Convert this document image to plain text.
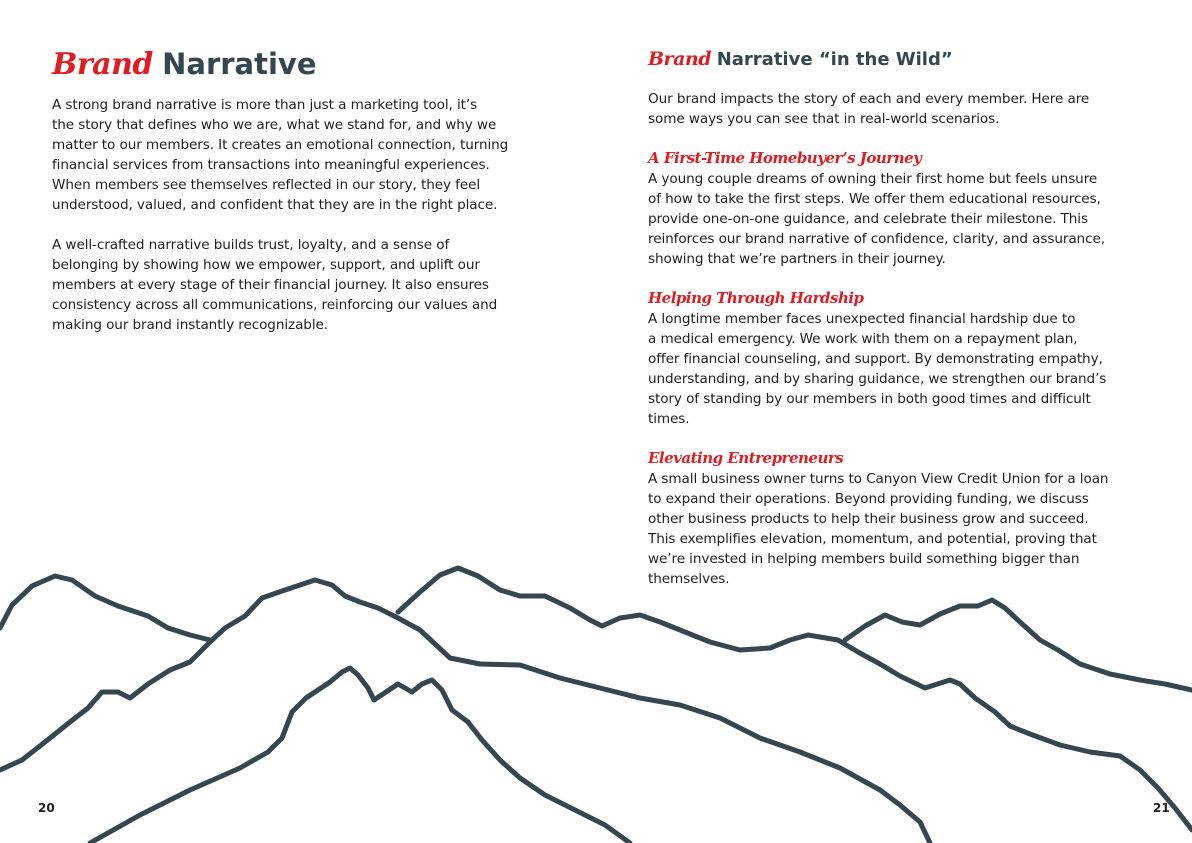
Brand Narrative

A strong brand narrative is more than just a marketing tool, it’s
the story that defines who we are, what we stand for, and why we
matter to our members. It creates an emotional connection, turning
financial services from transactions into meaningful experiences.
When members see themselves reflected in our story, they feel
understood, valued, and confident that they are in the right place.

A well-crafted narrative builds trust, loyalty, and a sense of
belonging by showing how we empower, support, and uplift our
members at every stage of their financial journey. It also ensures
consistency across all communications, reinforcing our values and
making our brand instantly recognizable.

20
Brand Narrative “in the Wild”

Our brand impacts the story of each and every member. Here are
some ways you can see that in real-world scenarios.

A First-Time Homebuyer’s Journey

A young couple dreams of owning their first home but feels unsure
of how to take the first steps. We offer them educational resources,
provide one-on-one guidance, and celebrate their milestone. This
reinforces our brand narrative of confidence, clarity, and assurance,
showing that we’re partners in their journey.

Helping Through Hardship

A longtime member faces unexpected financial hardship due to
a medical emergency. We work with them on a repayment plan,
offer financial counseling, and support. By demonstrating empathy,
understanding, and by sharing guidance, we strengthen our brand’s
story of standing by our members in both good times and difficult
times.

Elevating Entrepreneurs

A small business owner turns to Canyon View Credit Union for a loan
to expand their operations. Beyond providing funding, we discuss
other business products to help their business grow and succeed.
This exemplifies elevation, momentum, and potential, proving that
we’re invested in helping members build something bigger than
themselves.

21
